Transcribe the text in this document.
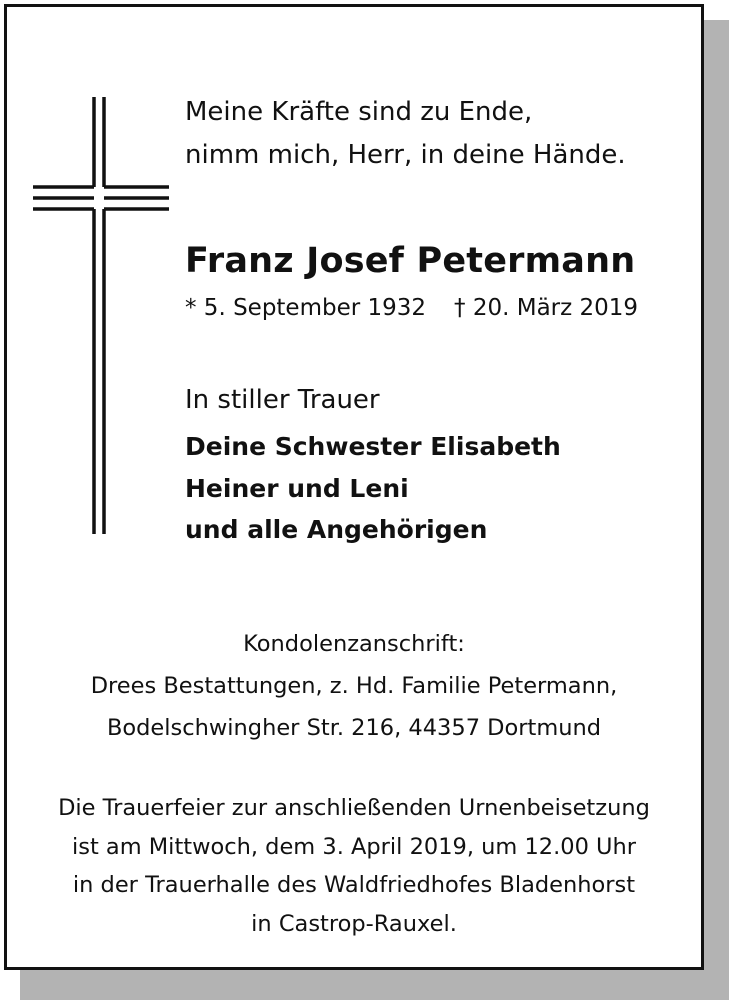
Meine Kräfte sind zu Ende,
nimm mich, Herr, in deine Hände.
Franz Josef Petermann
* 5. September 1932 † 20. März 2019
In stiller Trauer
Deine Schwester Elisabeth
Heiner und Leni
und alle Angehörigen
Kondolenzanschrift:
Drees Bestattungen, z. Hd. Familie Petermann,
Bodelschwingher Str. 216, 44357 Dortmund
Die Trauerfeier zur anschließenden Urnenbeisetzung
ist am Mittwoch, dem 3. April 2019, um 12.00 Uhr
in der Trauerhalle des Waldfriedhofes Bladenhorst
in Castrop-Rauxel.
